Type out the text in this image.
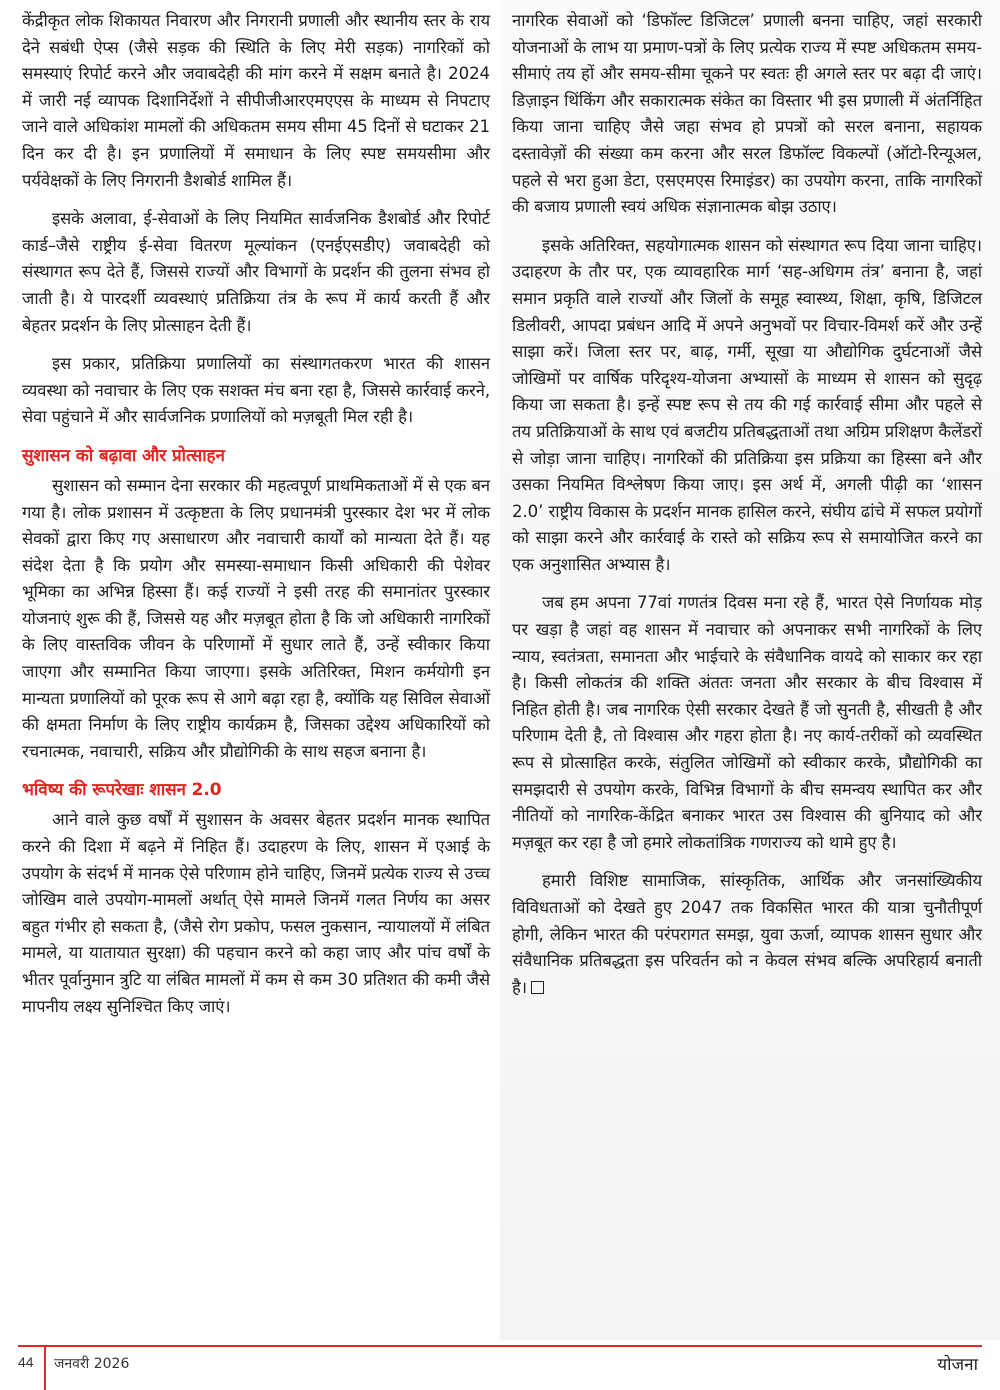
केंद्रीकृत लोक शिकायत निवारण और निगरानी प्रणाली और स्थानीय स्तर के राय देने सबंधी ऐप्स (जैसे सड़क की स्थिति के लिए मेरी सड़क) नागरिकों को समस्याएं रिपोर्ट करने और जवाबदेही की मांग करने में सक्षम बनाते है। 2024 में जारी नई व्यापक दिशानिर्देशों ने सीपीजीआरएमएएस के माध्यम से निपटाए जाने वाले अधिकांश मामलों की अधिकतम समय सीमा 45 दिनों से घटाकर 21 दिन कर दी है। इन प्रणालियों में समाधान के लिए स्पष्ट समयसीमा और पर्यवेक्षकों के लिए निगरानी डैशबोर्ड शामिल हैं।

इसके अलावा, ई-सेवाओं के लिए नियमित सार्वजनिक डैशबोर्ड और रिपोर्ट कार्ड–जैसे राष्ट्रीय ई-सेवा वितरण मूल्यांकन (एनईएसडीए) जवाबदेही को संस्थागत रूप देते हैं, जिससे राज्यों और विभागों के प्रदर्शन की तुलना संभव हो जाती है। ये पारदर्शी व्यवस्थाएं प्रतिक्रिया तंत्र के रूप में कार्य करती हैं और बेहतर प्रदर्शन के लिए प्रोत्साहन देती हैं।

इस प्रकार, प्रतिक्रिया प्रणालियों का संस्थागतकरण भारत की शासन व्यवस्था को नवाचार के लिए एक सशक्त मंच बना रहा है, जिससे कार्रवाई करने, सेवा पहुंचाने में और सार्वजनिक प्रणालियों को मज़बूती मिल रही है।

सुशासन को बढ़ावा और प्रोत्साहन

सुशासन को सम्मान देना सरकार की महत्वपूर्ण प्राथमिकताओं में से एक बन गया है। लोक प्रशासन में उत्कृष्टता के लिए प्रधानमंत्री पुरस्कार देश भर में लोक सेवकों द्वारा किए गए असाधारण और नवाचारी कार्यों को मान्यता देते हैं। यह संदेश देता है कि प्रयोग और समस्या-समाधान किसी अधिकारी की पेशेवर भूमिका का अभिन्न हिस्सा हैं। कई राज्यों ने इसी तरह की समानांतर पुरस्कार योजनाएं शुरू की हैं, जिससे यह और मज़बूत होता है कि जो अधिकारी नागरिकों के लिए वास्तविक जीवन के परिणामों में सुधार लाते हैं, उन्हें स्वीकार किया जाएगा और सम्मानित किया जाएगा। इसके अतिरिक्त, मिशन कर्मयोगी इन मान्यता प्रणालियों को पूरक रूप से आगे बढ़ा रहा है, क्योंकि यह सिविल सेवाओं की क्षमता निर्माण के लिए राष्ट्रीय कार्यक्रम है, जिसका उद्देश्य अधिकारियों को रचनात्मक, नवाचारी, सक्रिय और प्रौद्योगिकी के साथ सहज बनाना है।

भविष्य की रूपरेखाः शासन 2.0

आने वाले कुछ वर्षों में सुशासन के अवसर बेहतर प्रदर्शन मानक स्थापित करने की दिशा में बढ़ने में निहित हैं। उदाहरण के लिए, शासन में एआई के उपयोग के संदर्भ में मानक ऐसे परिणाम होने चाहिए, जिनमें प्रत्येक राज्य से उच्च जोखिम वाले उपयोग-मामलों अर्थात् ऐसे मामले जिनमें गलत निर्णय का असर बहुत गंभीर हो सकता है, (जैसे रोग प्रकोप, फसल नुकसान, न्यायालयों में लंबित मामले, या यातायात सुरक्षा) की पहचान करने को कहा जाए और पांच वर्षों के भीतर पूर्वानुमान त्रुटि या लंबित मामलों में कम से कम 30 प्रतिशत की कमी जैसे मापनीय लक्ष्य सुनिश्चित किए जाएं।

नागरिक सेवाओं को ‘डिफॉल्ट डिजिटल’ प्रणाली बनना चाहिए, जहां सरकारी योजनाओं के लाभ या प्रमाण-पत्रों के लिए प्रत्येक राज्य में स्पष्ट अधिकतम समय-सीमाएं तय हों और समय-सीमा चूकने पर स्वतः ही अगले स्तर पर बढ़ा दी जाएं। डिज़ाइन थिंकिंग और सकारात्मक संकेत का विस्तार भी इस प्रणाली में अंतर्निहित किया जाना चाहिए जैसे जहा संभव हो प्रपत्रों को सरल बनाना, सहायक दस्तावेज़ों की संख्या कम करना और सरल डिफॉल्ट विकल्पों (ऑटो-रिन्यूअल, पहले से भरा हुआ डेटा, एसएमएस रिमाइंडर) का उपयोग करना, ताकि नागरिकों की बजाय प्रणाली स्वयं अधिक संज्ञानात्मक बोझ उठाए।

इसके अतिरिक्त, सहयोगात्मक शासन को संस्थागत रूप दिया जाना चाहिए। उदाहरण के तौर पर, एक व्यावहारिक मार्ग ‘सह-अधिगम तंत्र’ बनाना है, जहां समान प्रकृति वाले राज्यों और जिलों के समूह स्वास्थ्य, शिक्षा, कृषि, डिजिटल डिलीवरी, आपदा प्रबंधन आदि में अपने अनुभवों पर विचार-विमर्श करें और उन्हें साझा करें। जिला स्तर पर, बाढ़, गर्मी, सूखा या औद्योगिक दुर्घटनाओं जैसे जोखिमों पर वार्षिक परिदृश्य-योजना अभ्यासों के माध्यम से शासन को सुदृढ़ किया जा सकता है। इन्हें स्पष्ट रूप से तय की गई कार्रवाई सीमा और पहले से तय प्रतिक्रियाओं के साथ एवं बजटीय प्रतिबद्धताओं तथा अग्रिम प्रशिक्षण कैलेंडरों से जोड़ा जाना चाहिए। नागरिकों की प्रतिक्रिया इस प्रक्रिया का हिस्सा बने और उसका नियमित विश्लेषण किया जाए। इस अर्थ में, अगली पीढ़ी का ‘शासन 2.0’ राष्ट्रीय विकास के प्रदर्शन मानक हासिल करने, संघीय ढांचे में सफल प्रयोगों को साझा करने और कार्रवाई के रास्ते को सक्रिय रूप से समायोजित करने का एक अनुशासित अभ्यास है।

जब हम अपना 77वां गणतंत्र दिवस मना रहे हैं, भारत ऐसे निर्णायक मोड़ पर खड़ा है जहां वह शासन में नवाचार को अपनाकर सभी नागरिकों के लिए न्याय, स्वतंत्रता, समानता और भाईचारे के संवैधानिक वायदे को साकार कर रहा है। किसी लोकतंत्र की शक्ति अंततः जनता और सरकार के बीच विश्वास में निहित होती है। जब नागरिक ऐसी सरकार देखते हैं जो सुनती है, सीखती है और परिणाम देती है, तो विश्वास और गहरा होता है। नए कार्य-तरीकों को व्यवस्थित रूप से प्रोत्साहित करके, संतुलित जोखिमों को स्वीकार करके, प्रौद्योगिकी का समझदारी से उपयोग करके, विभिन्न विभागों के बीच समन्वय स्थापित कर और नीतियों को नागरिक-केंद्रित बनाकर भारत उस विश्वास की बुनियाद को और मज़बूत कर रहा है जो हमारे लोकतांत्रिक गणराज्य को थामे हुए है।

हमारी विशिष्ट सामाजिक, सांस्कृतिक, आर्थिक और जनसांख्यिकीय विविधताओं को देखते हुए 2047 तक विकसित भारत की यात्रा चुनौतीपूर्ण होगी, लेकिन भारत की परंपरागत समझ, युवा ऊर्जा, व्यापक शासन सुधार और संवैधानिक प्रतिबद्धता इस परिवर्तन को न केवल संभव बल्कि अपरिहार्य बनाती है।

44 जनवरी 2026	योजना
